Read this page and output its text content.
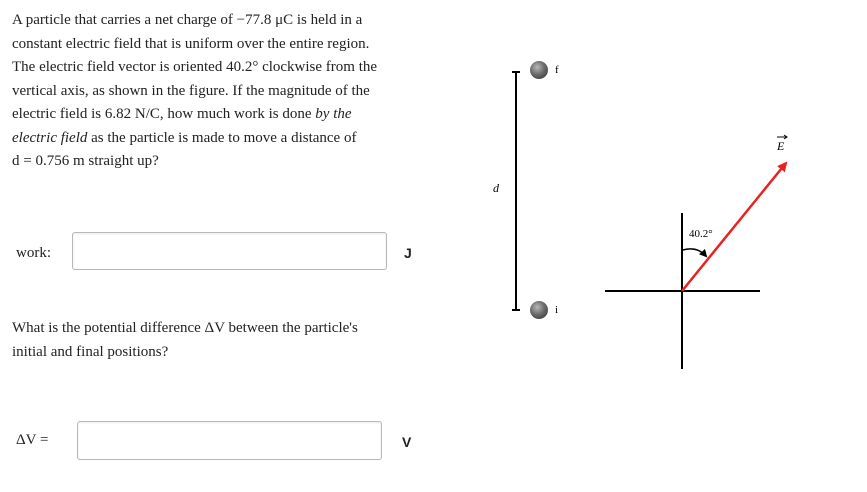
A particle that carries a net charge of −77.8 μC is held in a
constant electric field that is uniform over the entire region.
The electric field vector is oriented 40.2° clockwise from the
vertical axis, as shown in the figure. If the magnitude of the
electric field is 6.82 N/C, how much work is done by the
electric field as the particle is made to move a distance of
d = 0.756 m straight up?
work:	J
What is the potential difference ΔV between the particle's
initial and final positions?
ΔV =	V
d
f
i
40.2°
E
